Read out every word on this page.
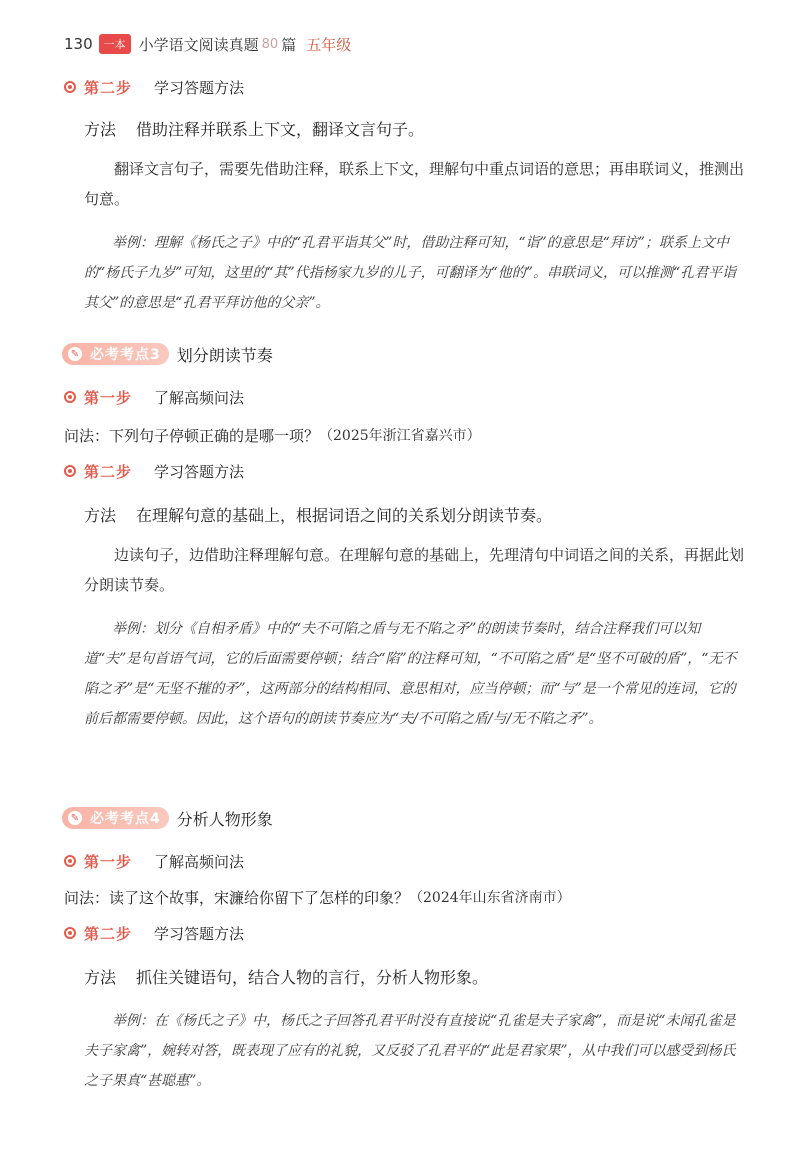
130	一本 小学语文阅读真题 80 篇 五年级
第二步 学习答题方法
方法 借助注释并联系上下文，翻译文言句子。

翻译文言句子，需要先借助注释，联系上下文，理解句中重点词语的意思；再串联词义，推测出句意。

举例：理解《杨氏之子》中的“孔君平诣其父”时，借助注释可知，“诣”的意思是“拜访”；联系上文中的“杨氏子九岁”可知，这里的“其”代指杨家九岁的儿子，可翻译为“他的”。串联词义，可以推测“孔君平诣其父”的意思是“孔君平拜访他的父亲”。

✎ 必考考点3 划分朗读节奏
第一步 了解高频问法
问法：下列句子停顿正确的是哪一项？ （2025年浙江省嘉兴市）
第二步 学习答题方法
方法 在理解句意的基础上，根据词语之间的关系划分朗读节奏。

边读句子，边借助注释理解句意。在理解句意的基础上，先理清句中词语之间的关系，再据此划分朗读节奏。

举例：划分《自相矛盾》中的“夫不可陷之盾与无不陷之矛”的朗读节奏时，结合注释我们可以知道“夫”是句首语气词，它的后面需要停顿；结合“陷”的注释可知，“不可陷之盾”是“坚不可破的盾”，“无不陷之矛”是“无坚不摧的矛”，这两部分的结构相同、意思相对，应当停顿；而“与”是一个常见的连词，它的前后都需要停顿。因此，这个语句的朗读节奏应为“夫/不可陷之盾/与/无不陷之矛”。

✎ 必考考点4 分析人物形象
第一步 了解高频问法
问法：读了这个故事，宋濂给你留下了怎样的印象？ （2024年山东省济南市）
第二步 学习答题方法
方法 抓住关键语句，结合人物的言行，分析人物形象。

举例：在《杨氏之子》中，杨氏之子回答孔君平时没有直接说“孔雀是夫子家禽”，而是说“未闻孔雀是夫子家禽”，婉转对答，既表现了应有的礼貌，又反驳了孔君平的“此是君家果”，从中我们可以感受到杨氏之子果真“甚聪惠”。
